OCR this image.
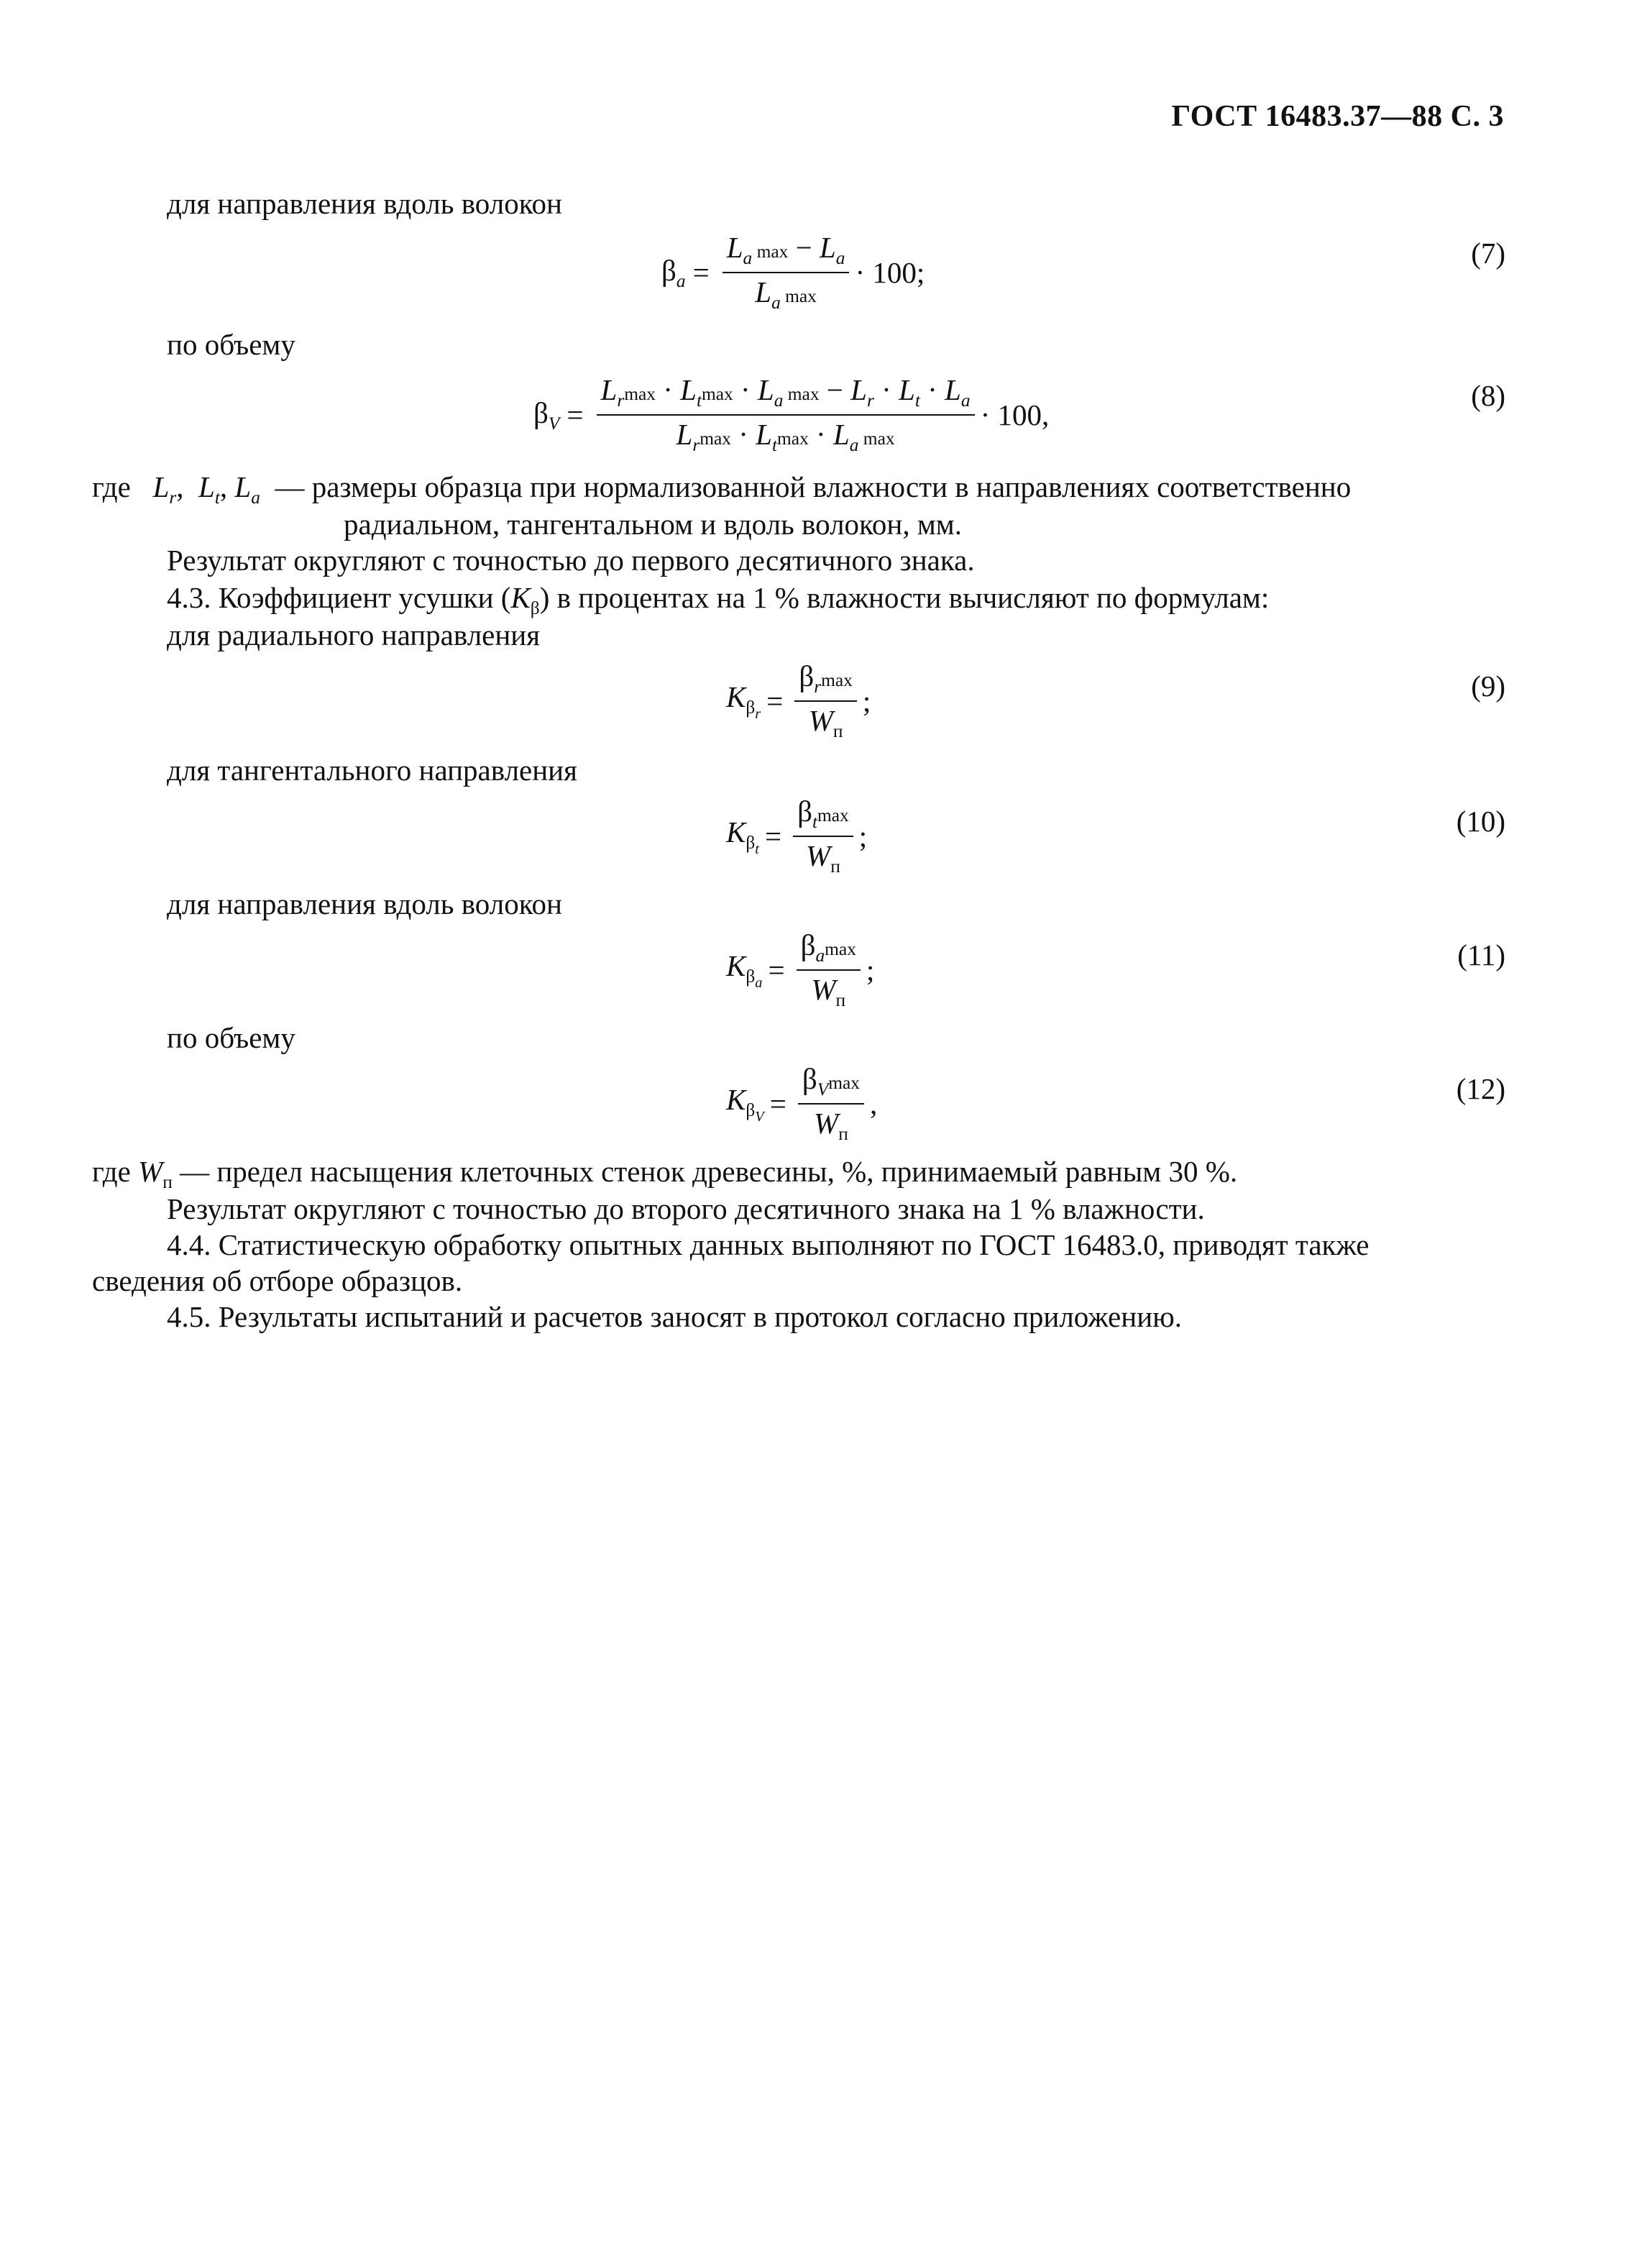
ГОСТ 16483.37—88 С. 3
для направления вдоль волокон
$\beta_a = \frac{L_a \max - L_a}{L_a \max} \cdot 100$;
(7)
по объему
$\beta_V = \frac{L_r\max \cdot L_t\max \cdot L_a \max - L_r \cdot L_t \cdot L_a}{L_r\max \cdot L_t\max \cdot L_a \max} \cdot 100$,
(8)
где $L_r$,  $L_t$, $L_a$ — размеры образца при нормализованной влажности в направлениях соответственно
радиальном, тангентальном и вдоль волокон, мм.
Результат округляют с точностью до первого десятичного знака.
4.3. Коэффициент усушки $(K_\beta)$ в процентах на 1 % влажности вычисляют по формулам:
для радиального направления
$K_{\beta_r} = \frac{\beta_r\max}{W_п}$ ;	(9)
для тангентального направления
$K_{\beta_t} = \frac{\beta_t\max}{W_п}$ ;	(10)
для направления вдоль волокон
$K_{\beta_a} = \frac{\beta_a\max}{W_п}$ ;	(11)
по объему
$K_{\beta_V} = \frac{\beta_V\max}{W_п}$ ,	(12)
где $W_п$ — предел насыщения клеточных стенок древесины, %, принимаемый равным 30 %.
Результат округляют с точностью до второго десятичного знака на 1 % влажности.
4.4. Статистическую обработку опытных данных выполняют по ГОСТ 16483.0, приводят также
сведения об отборе образцов.
4.5. Результаты испытаний и расчетов заносят в протокол согласно приложению.
